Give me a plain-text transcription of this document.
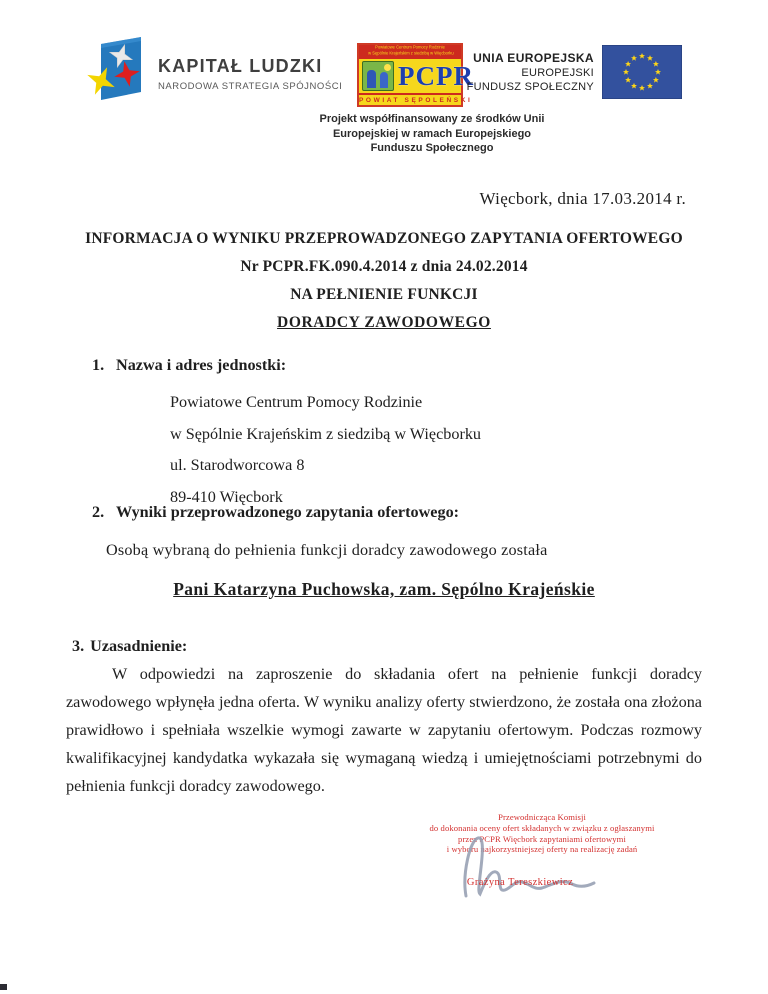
KAPITAŁ LUDZKI
NARODOWA STRATEGIA SPÓJNOŚCI
Powiatowe Centrum Pomocy Rodzinie
w Sępólnie Krajeńskim z siedzibą w Więcborku
PCPR
POWIAT SĘPOLEŃSKI
UNIA EUROPEJSKA
EUROPEJSKI
FUNDUSZ SPOŁECZNY
Projekt współfinansowany ze środków Unii
Europejskiej w ramach Europejskiego
Funduszu Społecznego
Więcbork, dnia 17.03.2014 r.
INFORMACJA O WYNIKU PRZEPROWADZONEGO ZAPYTANIA OFERTOWEGO
Nr PCPR.FK.090.4.2014 z dnia 24.02.2014
NA PEŁNIENIE FUNKCJI
DORADCY ZAWODOWEGO
1. Nazwa i adres jednostki:
Powiatowe Centrum Pomocy Rodzinie
w Sępólnie Krajeńskim z siedzibą w Więcborku
ul. Starodworcowa 8
89-410 Więcbork
2. Wyniki przeprowadzonego zapytania ofertowego:
Osobą wybraną do pełnienia funkcji doradcy zawodowego została
Pani Katarzyna Puchowska, zam. Sępólno Krajeńskie
3. Uzasadnienie:
W odpowiedzi na zaproszenie do składania ofert na pełnienie funkcji doradcy zawodowego wpłynęła jedna oferta. W wyniku analizy oferty stwierdzono, że została ona złożona prawidłowo i spełniała wszelkie wymogi zawarte w zapytaniu ofertowym. Podczas rozmowy kwalifikacyjnej kandydatka wykazała się wymaganą wiedzą i umiejętnościami potrzebnymi do pełnienia funkcji doradcy zawodowego.
Przewodnicząca Komisji
do dokonania oceny ofert składanych w związku z ogłaszanymi
przez PCPR Więcbork zapytaniami ofertowymi
i wyboru najkorzystniejszej oferty na realizację zadań
Grażyna Tereszkiewicz
